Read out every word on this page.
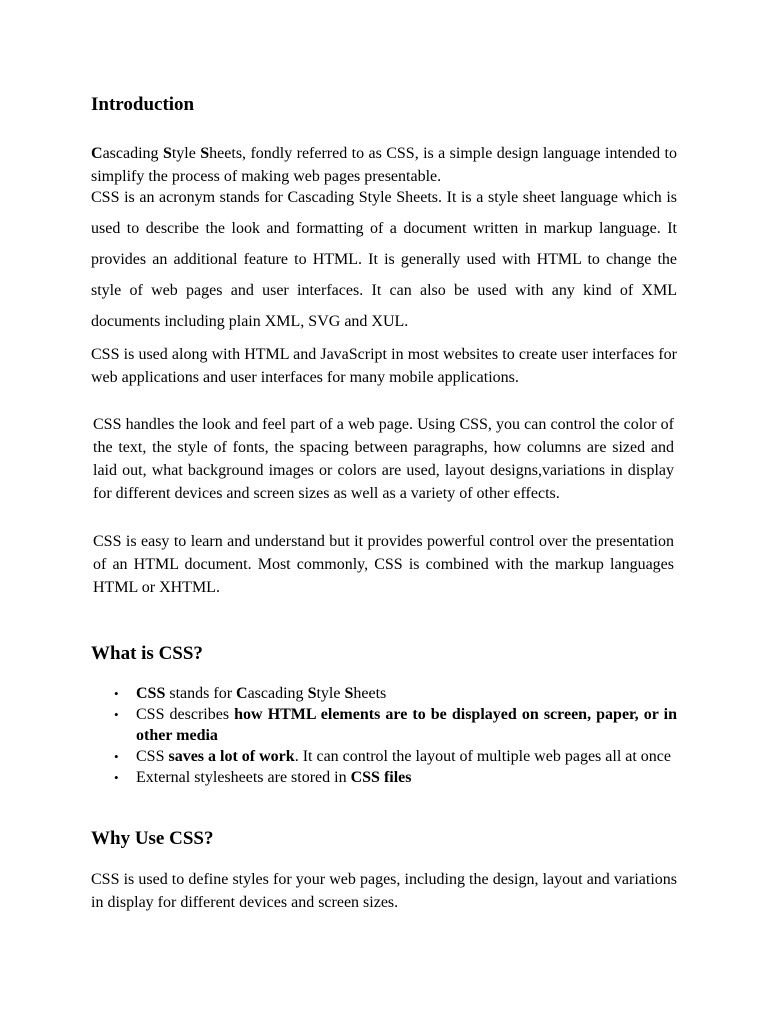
Introduction

Cascading Style Sheets, fondly referred to as CSS, is a simple design language intended to simplify the process of making web pages presentable.

CSS is an acronym stands for Cascading Style Sheets. It is a style sheet language which is used to describe the look and formatting of a document written in markup language. It provides an additional feature to HTML. It is generally used with HTML to change the style of web pages and user interfaces. It can also be used with any kind of XML documents including plain XML, SVG and XUL.

CSS is used along with HTML and JavaScript in most websites to create user interfaces for web applications and user interfaces for many mobile applications.

CSS handles the look and feel part of a web page. Using CSS, you can control the color of the text, the style of fonts, the spacing between paragraphs, how columns are sized and laid out, what background images or colors are used, layout designs,variations in display for different devices and screen sizes as well as a variety of other effects.

CSS is easy to learn and understand but it provides powerful control over the presentation of an HTML document. Most commonly, CSS is combined with the markup languages HTML or XHTML.

What is CSS?
• CSS stands for Cascading Style Sheets
• CSS describes how HTML elements are to be displayed on screen, paper, or in other media
• CSS saves a lot of work. It can control the layout of multiple web pages all at once
• External stylesheets are stored in CSS files
Why Use CSS?

CSS is used to define styles for your web pages, including the design, layout and variations in display for different devices and screen sizes.
